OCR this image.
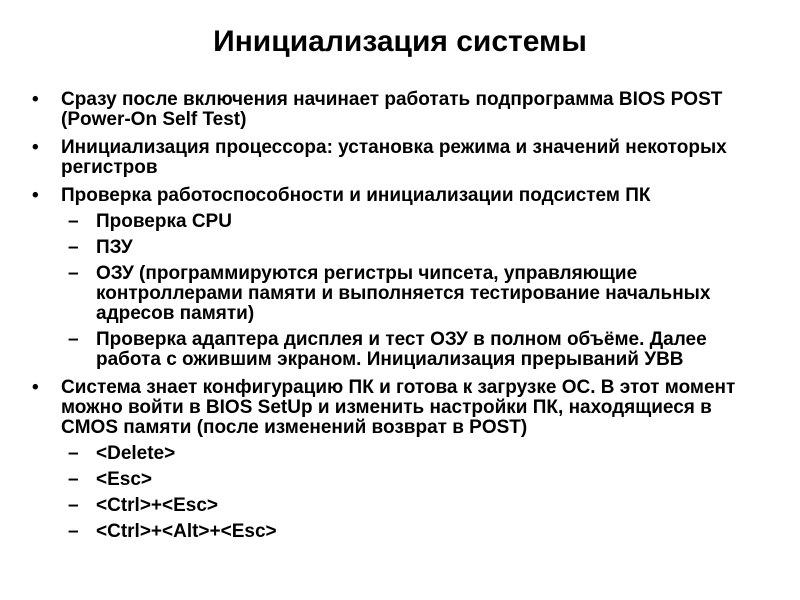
Инициализация системы
•	Сразу после включения начинает работать подпрограмма BIOS POST (Power-On Self Test)
•	Инициализация процессора: установка режима и значений некоторых регистров
•	Проверка работоспособности и инициализации подсистем ПК
– Проверка CPU
– ПЗУ
– ОЗУ (программируются регистры чипсета, управляющие контроллерами памяти и выполняется тестирование начальных адресов памяти)
– Проверка адаптера дисплея и тест ОЗУ в полном объёме. Далее работа с ожившим экраном. Инициализация прерываний УВВ
•	Система знает конфигурацию ПК и готова к загрузке ОС. В этот момент можно войти в BIOS SetUp и изменить настройки ПК, находящиеся в CMOS памяти (после изменений возврат в POST)
– <Delete>
– <Esc>
– <Ctrl>+<Esc>
– <Ctrl>+<Alt>+<Esc>
